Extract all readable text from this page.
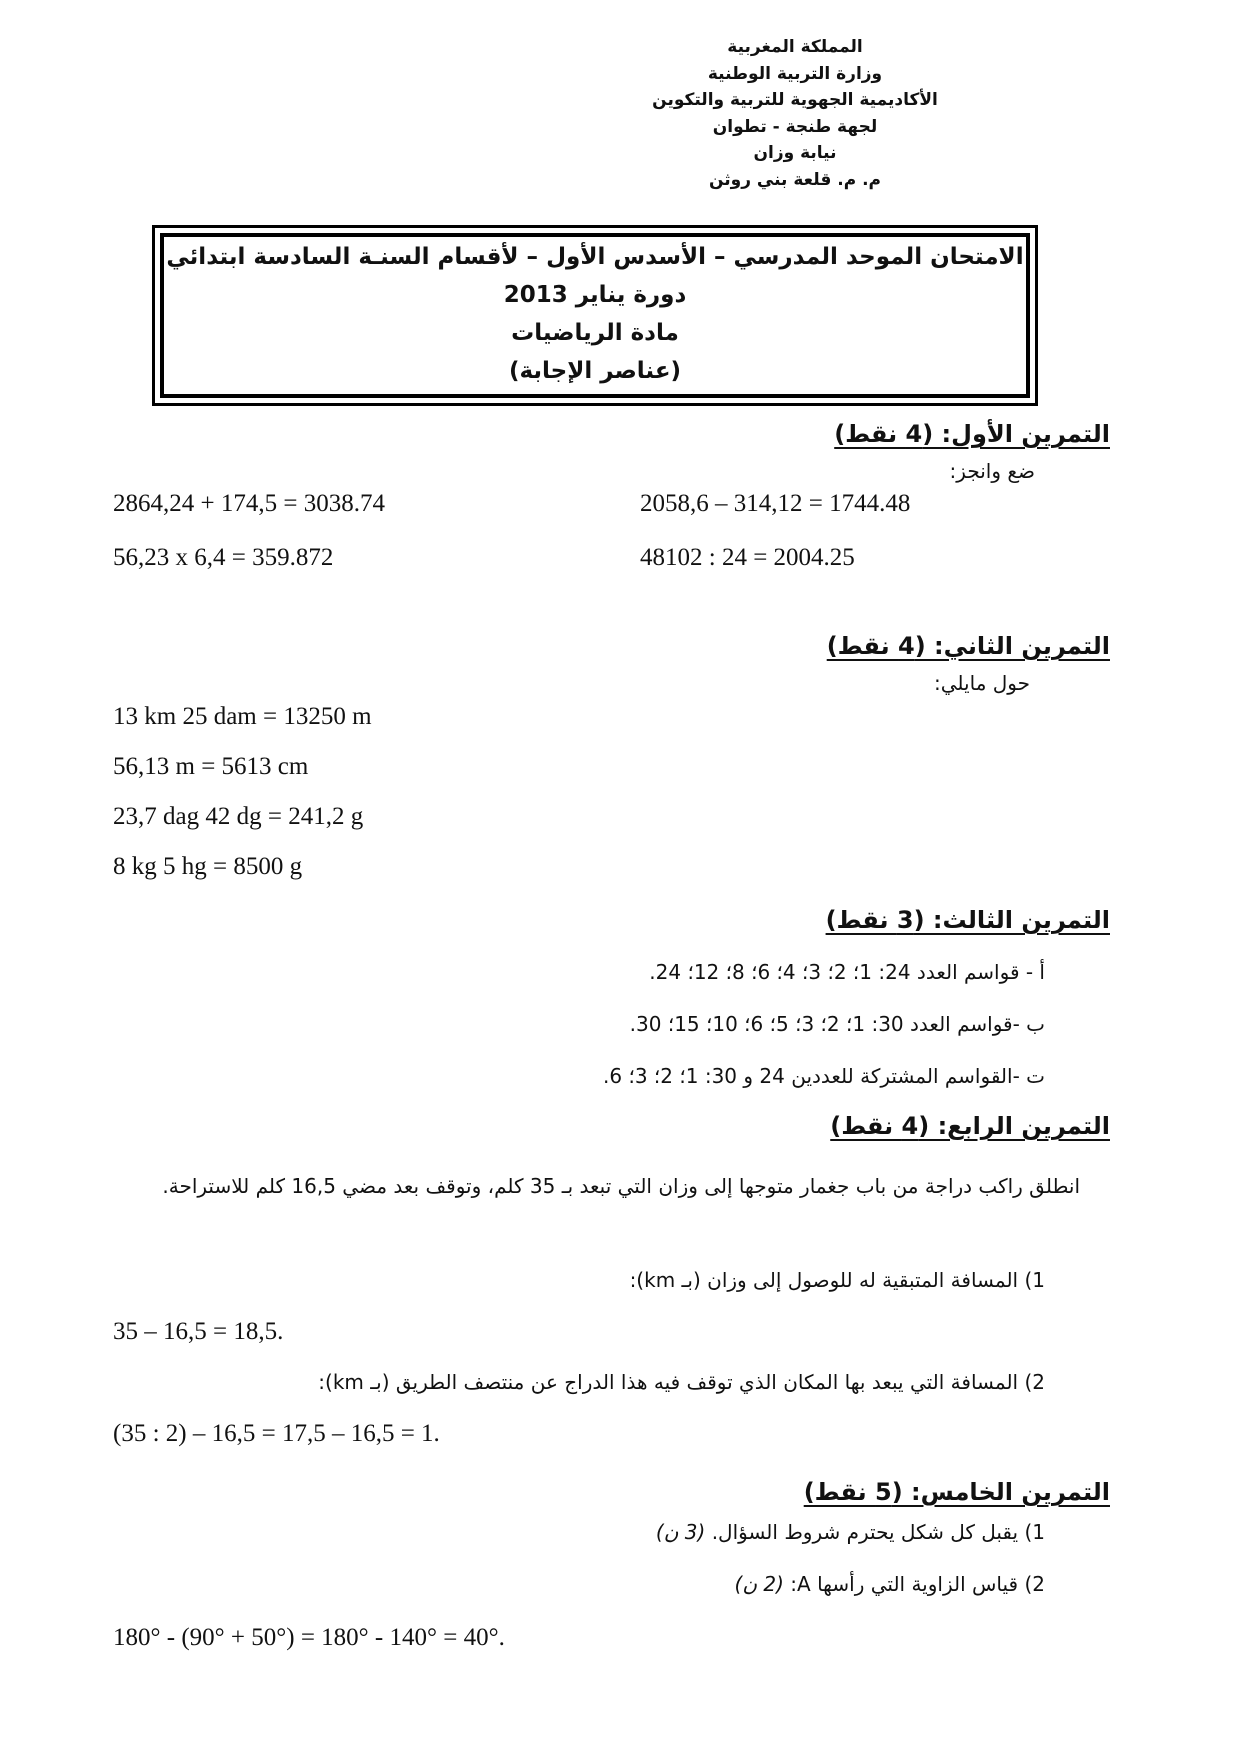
المملكة المغربية
وزارة التربية الوطنية
الأكاديمية الجهوية للتربية والتكوين
لجهة طنجة - تطوان
نيابة وزان
م. م. قلعة بني روثن
الامتحان الموحد المدرسي – الأسدس الأول – لأقسام السنـة السادسة ابتدائي
دورة يناير 2013
مادة الرياضيات
(عناصر الإجابة)
التمرين الأول: (4 نقط)
ضع وانجز:
2058,6 – 314,12 = 1744.48
2864,24 + 174,5 = 3038.74
48102 : 24 = 2004.25
56,23 x 6,4 = 359.872
التمرين الثاني: (4 نقط)
حول مايلي:
13 km 25 dam = 13250 m
56,13 m = 5613 cm
23,7 dag 42 dg = 241,2 g
8 kg 5 hg = 8500 g
التمرين الثالث: (3 نقط)
أ - قواسم العدد 24: 1؛ 2؛ 3؛ 4؛ 6؛ 8؛ 12؛ 24.
ب -قواسم العدد 30: 1؛ 2؛ 3؛ 5؛ 6؛ 10؛ 15؛ 30.
ت -القواسم المشتركة للعددين 24 و 30: 1؛ 2؛ 3؛ 6.
التمرين الرابع: (4 نقط)
انطلق راكب دراجة من باب جغمار متوجها إلى وزان التي تبعد بـ 35 كلم، وتوقف بعد مضي 16,5 كلم للاستراحة.
1) المسافة المتبقية له للوصول إلى وزان (بـ km):
35 – 16,5 = 18,5.
2) المسافة التي يبعد بها المكان الذي توقف فيه هذا الدراج عن منتصف الطريق (بـ km):
(35 : 2) – 16,5 = 17,5 – 16,5 = 1.
التمرين الخامس: (5 نقط)
1) يقبل كل شكل يحترم شروط السؤال. (3 ن)
2) قياس الزاوية التي رأسها A: (2 ن)
180° - (90° + 50°) = 180° - 140° = 40°.
